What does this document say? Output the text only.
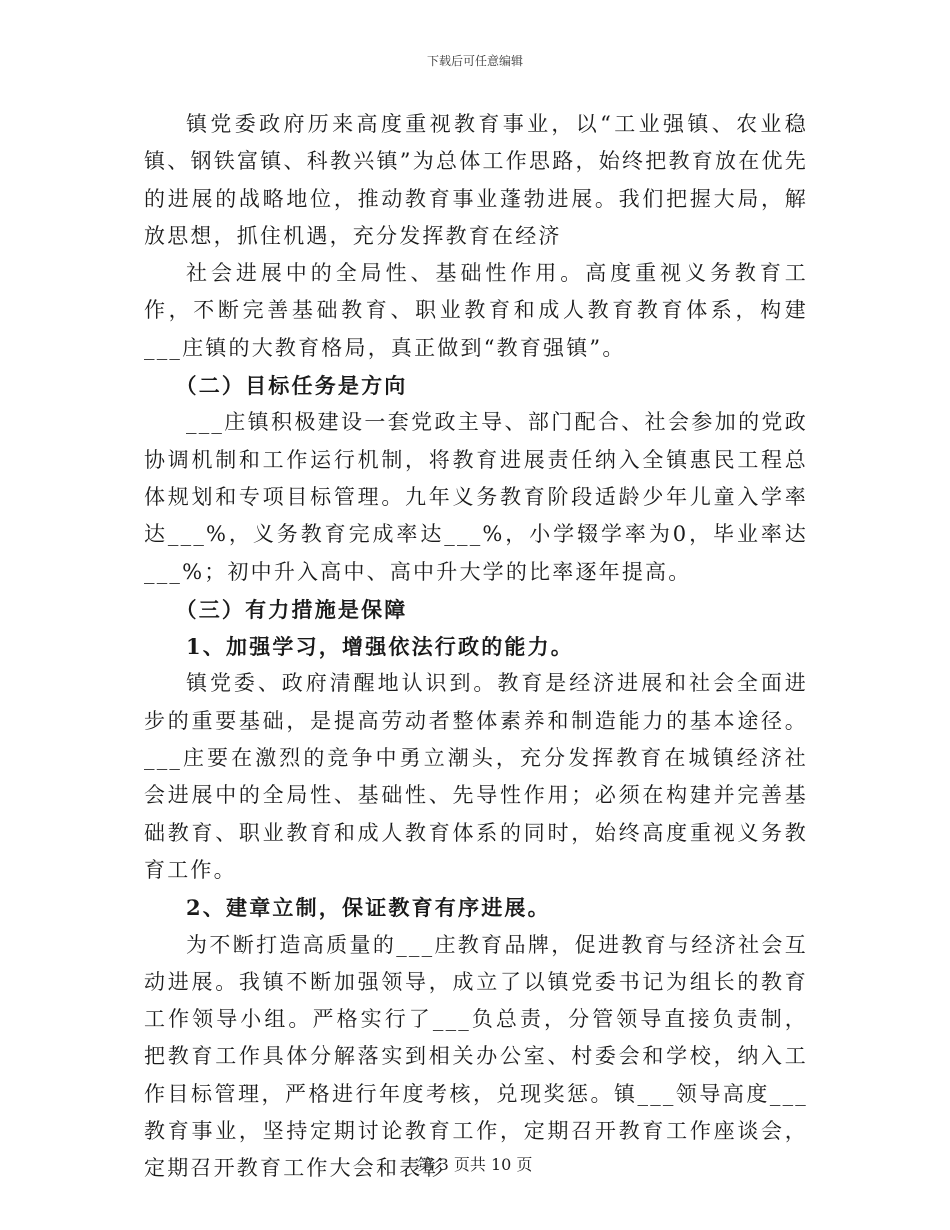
下载后可任意编辑

镇党委政府历来高度重视教育事业，以“工业强镇、农业稳镇、钢铁富镇、科教兴镇”为总体工作思路，始终把教育放在优先的进展的战略地位，推动教育事业蓬勃进展。我们把握大局，解放思想，抓住机遇，充分发挥教育在经济

社会进展中的全局性、基础性作用。高度重视义务教育工作，不断完善基础教育、职业教育和成人教育教育体系，构建___庄镇的大教育格局，真正做到“教育强镇”。

（二）目标任务是方向

___庄镇积极建设一套党政主导、部门配合、社会参加的党政协调机制和工作运行机制，将教育进展责任纳入全镇惠民工程总体规划和专项目标管理。九年义务教育阶段适龄少年儿童入学率达___%，义务教育完成率达___%，小学辍学率为0，毕业率达___%；初中升入高中、高中升大学的比率逐年提高。

（三）有力措施是保障

1、加强学习，增强依法行政的能力。

镇党委、政府清醒地认识到。教育是经济进展和社会全面进步的重要基础，是提高劳动者整体素养和制造能力的基本途径。___庄要在激烈的竞争中勇立潮头，充分发挥教育在城镇经济社会进展中的全局性、基础性、先导性作用；必须在构建并完善基础教育、职业教育和成人教育体系的同时，始终高度重视义务教育工作。

2、建章立制，保证教育有序进展。

为不断打造高质量的___庄教育品牌，促进教育与经济社会互动进展。我镇不断加强领导，成立了以镇党委书记为组长的教育工作领导小组。严格实行了___负总责，分管领导直接负责制，把教育工作具体分解落实到相关办公室、村委会和学校，纳入工作目标管理，严格进行年度考核，兑现奖惩。镇___领导高度___教育事业，坚持定期讨论教育工作，定期召开教育工作座谈会，定期召开教育工作大会和表彰

第 3 页共 10 页
